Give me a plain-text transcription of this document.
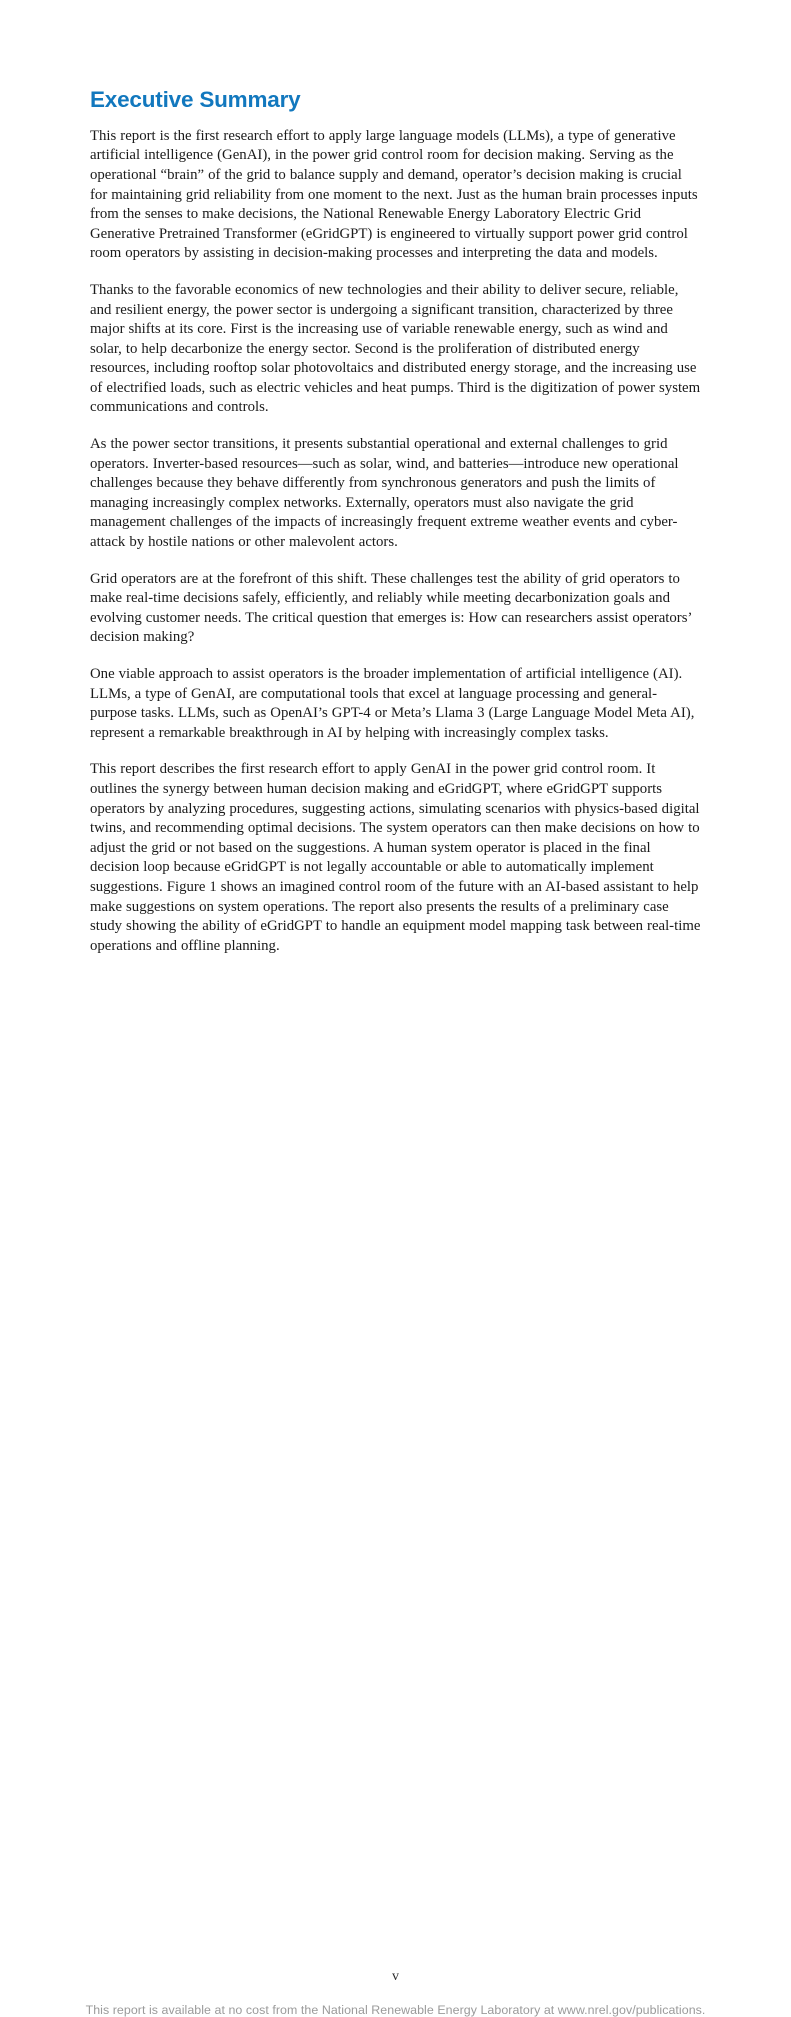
Executive Summary

This report is the first research effort to apply large language models (LLMs), a type of generative artificial intelligence (GenAI), in the power grid control room for decision making. Serving as the operational “brain” of the grid to balance supply and demand, operator’s decision making is crucial for maintaining grid reliability from one moment to the next. Just as the human brain processes inputs from the senses to make decisions, the National Renewable Energy Laboratory Electric Grid Generative Pretrained Transformer (eGridGPT) is engineered to virtually support power grid control room operators by assisting in decision-making processes and interpreting the data and models.

Thanks to the favorable economics of new technologies and their ability to deliver secure, reliable, and resilient energy, the power sector is undergoing a significant transition, characterized by three major shifts at its core. First is the increasing use of variable renewable energy, such as wind and solar, to help decarbonize the energy sector. Second is the proliferation of distributed energy resources, including rooftop solar photovoltaics and distributed energy storage, and the increasing use of electrified loads, such as electric vehicles and heat pumps. Third is the digitization of power system communications and controls.

As the power sector transitions, it presents substantial operational and external challenges to grid operators. Inverter-based resources—such as solar, wind, and batteries—introduce new operational challenges because they behave differently from synchronous generators and push the limits of managing increasingly complex networks. Externally, operators must also navigate the grid management challenges of the impacts of increasingly frequent extreme weather events and cyber-attack by hostile nations or other malevolent actors.

Grid operators are at the forefront of this shift. These challenges test the ability of grid operators to make real-time decisions safely, efficiently, and reliably while meeting decarbonization goals and evolving customer needs. The critical question that emerges is: How can researchers assist operators’ decision making?

One viable approach to assist operators is the broader implementation of artificial intelligence (AI). LLMs, a type of GenAI, are computational tools that excel at language processing and general-purpose tasks. LLMs, such as OpenAI’s GPT-4 or Meta’s Llama 3 (Large Language Model Meta AI), represent a remarkable breakthrough in AI by helping with increasingly complex tasks.

This report describes the first research effort to apply GenAI in the power grid control room. It outlines the synergy between human decision making and eGridGPT, where eGridGPT supports operators by analyzing procedures, suggesting actions, simulating scenarios with physics-based digital twins, and recommending optimal decisions. The system operators can then make decisions on how to adjust the grid or not based on the suggestions. A human system operator is placed in the final decision loop because eGridGPT is not legally accountable or able to automatically implement suggestions. Figure 1 shows an imagined control room of the future with an AI-based assistant to help make suggestions on system operations. The report also presents the results of a preliminary case study showing the ability of eGridGPT to handle an equipment model mapping task between real-time operations and offline planning.

v
This report is available at no cost from the National Renewable Energy Laboratory at www.nrel.gov/publications.
